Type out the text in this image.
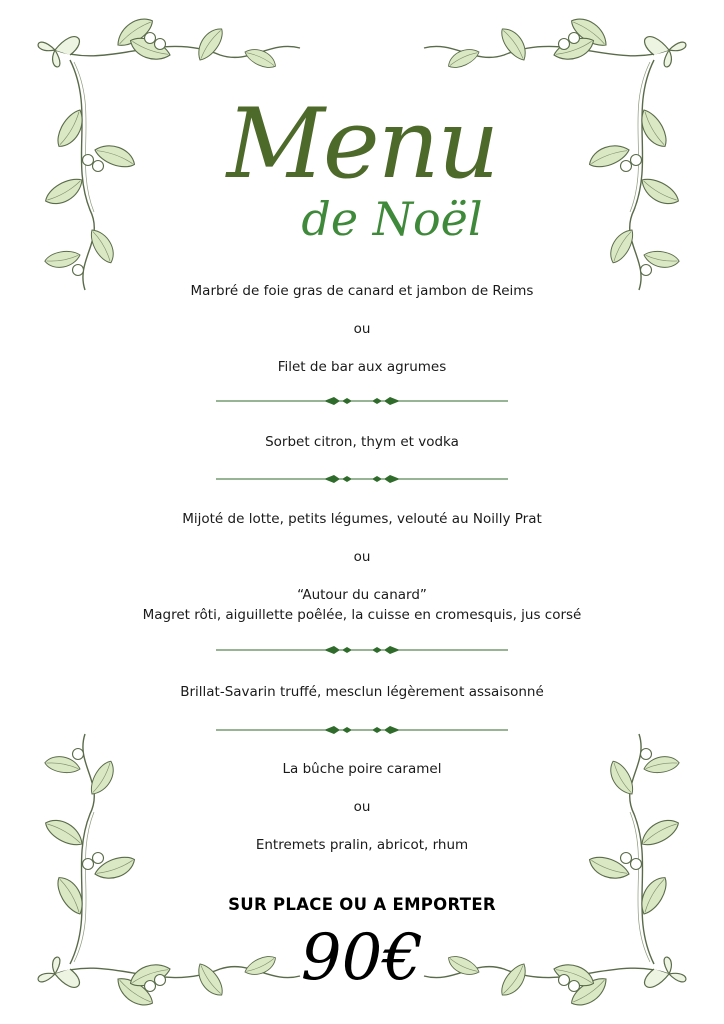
Menu
de Noël
Marbré de foie gras de canard et jambon de Reims
ou
Filet de bar aux agrumes
Sorbet citron, thym et vodka
Mijoté de lotte, petits légumes, velouté au Noilly Prat
ou
“Autour du canard”
Magret rôti, aiguillette poêlée, la cuisse en cromesquis, jus corsé
Brillat-Savarin truffé, mesclun légèrement assaisonné
La bûche poire caramel
ou
Entremets pralin, abricot, rhum
SUR PLACE OU A EMPORTER
90€
